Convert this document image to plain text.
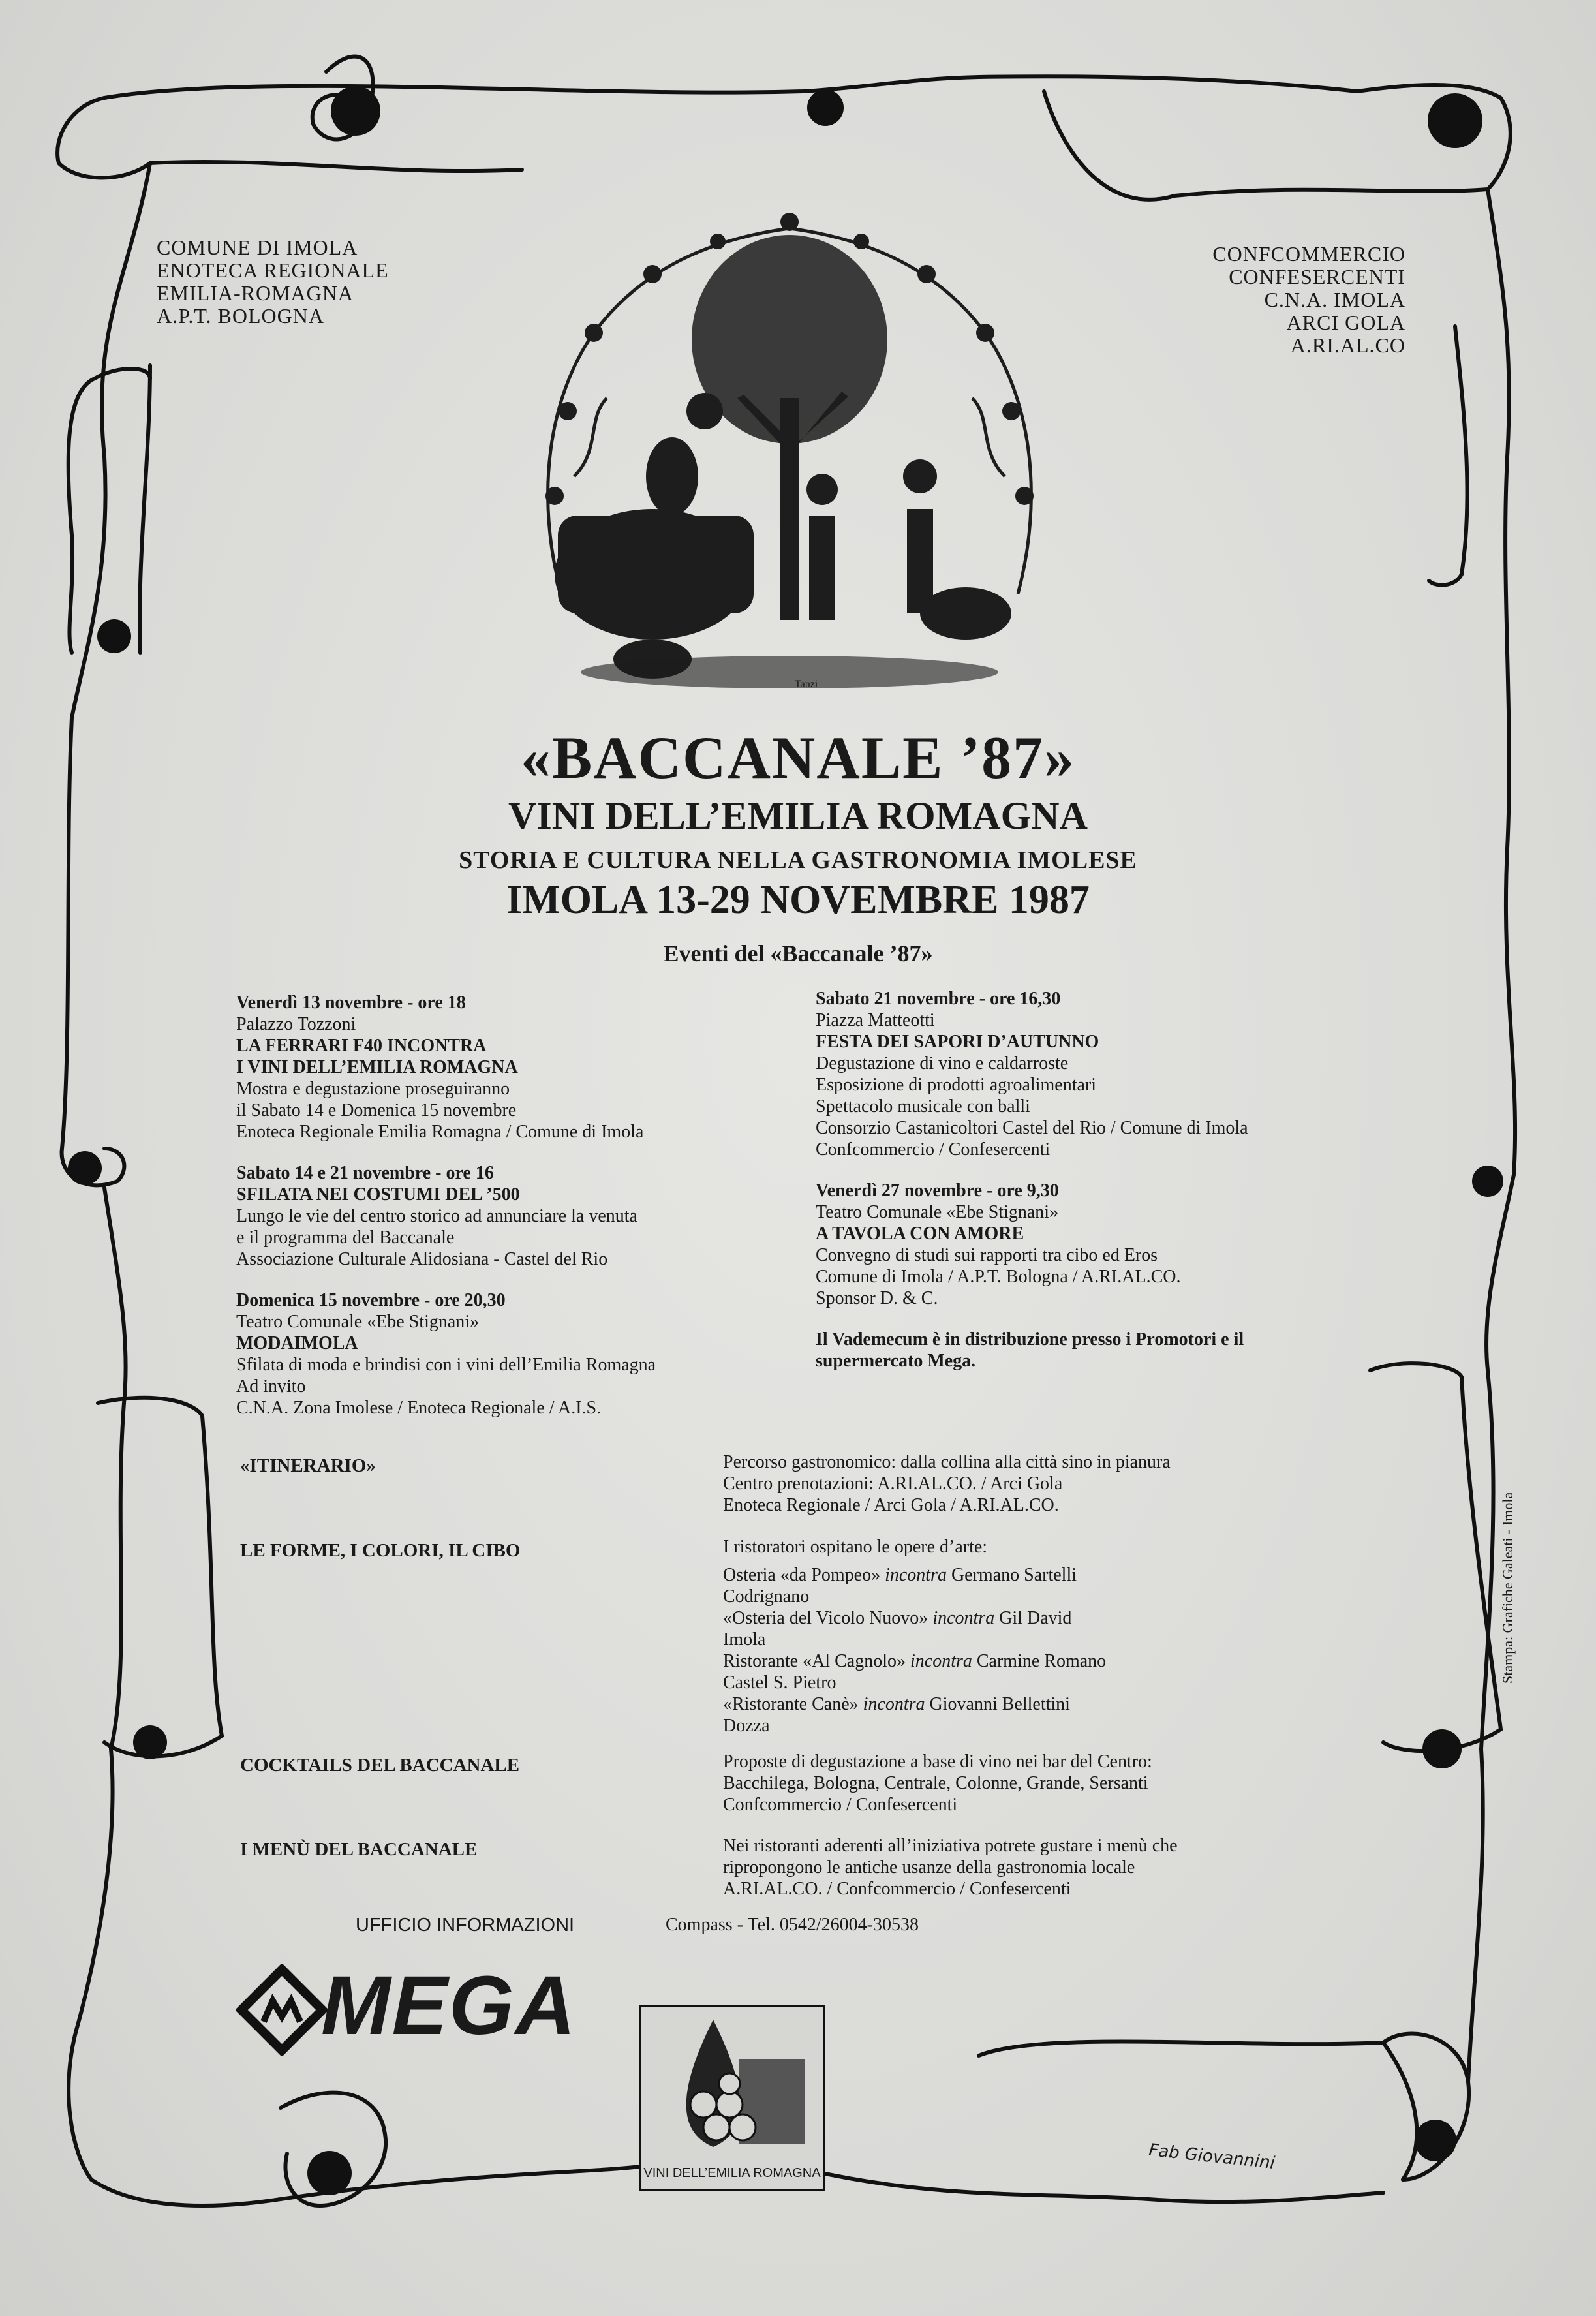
COMUNE DI IMOLA
ENOTECA REGIONALE
EMILIA-ROMAGNA
A.P.T. BOLOGNA
CONFCOMMERCIO
CONFESERCENTI
C.N.A. IMOLA
ARCI GOLA
A.RI.AL.CO
Tanzi
«BACCANALE ’87»
VINI DELL’EMILIA ROMAGNA
STORIA E CULTURA NELLA GASTRONOMIA IMOLESE
IMOLA 13-29 NOVEMBRE 1987
Eventi del «Baccanale ’87»
Venerdì 13 novembre - ore 18
Palazzo Tozzoni
LA FERRARI F40 INCONTRA
I VINI DELL’EMILIA ROMAGNA
Mostra e degustazione proseguiranno
il Sabato 14 e Domenica 15 novembre
Enoteca Regionale Emilia Romagna / Comune di Imola
Sabato 14 e 21 novembre - ore 16
SFILATA NEI COSTUMI DEL ’500
Lungo le vie del centro storico ad annunciare la venuta
e il programma del Baccanale
Associazione Culturale Alidosiana - Castel del Rio
Domenica 15 novembre - ore 20,30
Teatro Comunale «Ebe Stignani»
MODAIMOLA
Sfilata di moda e brindisi con i vini dell’Emilia Romagna
Ad invito
C.N.A. Zona Imolese / Enoteca Regionale / A.I.S.
Sabato 21 novembre - ore 16,30
Piazza Matteotti
FESTA DEI SAPORI D’AUTUNNO
Degustazione di vino e caldarroste
Esposizione di prodotti agroalimentari
Spettacolo musicale con balli
Consorzio Castanicoltori Castel del Rio / Comune di Imola
Confcommercio / Confesercenti
Venerdì 27 novembre - ore 9,30
Teatro Comunale «Ebe Stignani»
A TAVOLA CON AMORE
Convegno di studi sui rapporti tra cibo ed Eros
Comune di Imola / A.P.T. Bologna / A.RI.AL.CO.
Sponsor D. & C.
Il Vademecum è in distribuzione presso i Promotori e il
supermercato Mega.
«ITINERARIO»	Percorso gastronomico: dalla collina alla città sino in pianura
Centro prenotazioni: A.RI.AL.CO. / Arci Gola
Enoteca Regionale / Arci Gola / A.RI.AL.CO.
LE FORME, I COLORI, IL CIBO	I ristoratori ospitano le opere d’arte:
Osteria «da Pompeo» incontra Germano Sartelli
Codrignano
«Osteria del Vicolo Nuovo» incontra Gil David
Imola
Ristorante «Al Cagnolo» incontra Carmine Romano
Castel S. Pietro
«Ristorante Canè» incontra Giovanni Bellettini
Dozza
COCKTAILS DEL BACCANALE	Proposte di degustazione a base di vino nei bar del Centro:
Bacchilega, Bologna, Centrale, Colonne, Grande, Sersanti
Confcommercio / Confesercenti
I MENÙ DEL BACCANALE	Nei ristoranti aderenti all’iniziativa potrete gustare i menù che
ripropongono le antiche usanze della gastronomia locale
A.RI.AL.CO. / Confcommercio / Confesercenti
UFFICIO INFORMAZIONI	Compass - Tel. 0542/26004-30538
MEGA
VINI DELL’EMILIA ROMAGNA
Stampa: Grafiche Galeati - Imola
Fab Giovannini
